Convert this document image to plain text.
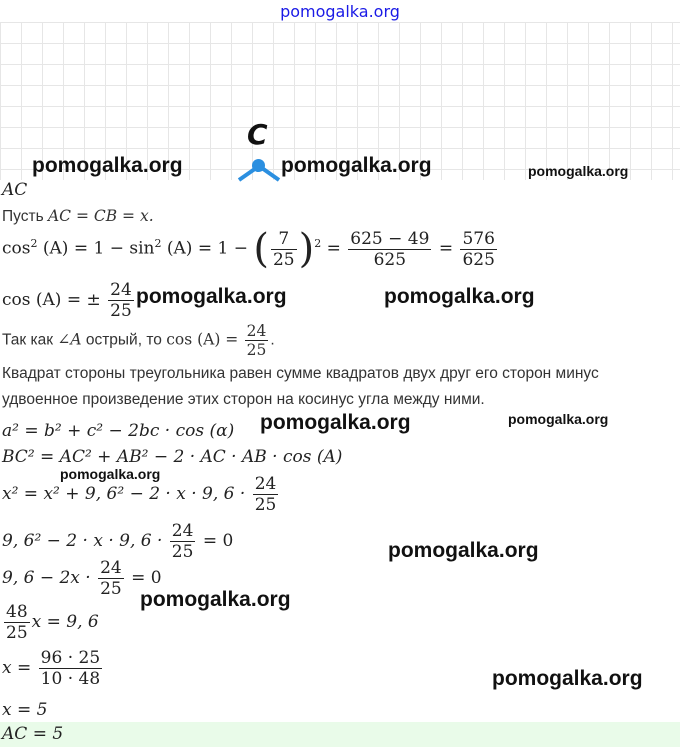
pomogalka.org
C
pomogalka.org	pomogalka.org	pomogalka.org
AC
Пусть AC = CB = x.
$\cos^2 (A) = 1 - \sin^2 (A) = 1$ − ( $\frac{7}{25} )^2 = \frac{625 - 49}{625} = \frac{576}{625}$
cos (A) = ± $\frac{24}{25}$ pomogalka.org	pomogalka.org
Так как ∠A острый, то $\cos (A) = \frac{24}{25}$ .
Квадрат стороны треугольника равен сумме квадратов двух друг его сторон минус
удвоенное произведение этих сторон на косинус угла между ними.
a² = b² + c² − 2bc · cos (α) pomogalka.org	pomogalka.org
BC² = AC² + AB² − 2 · AC · AB · cos (A)
pomogalka.org
x² = x² + 9, 6² − 2 · x · 9, $6 \cdot \frac{24}{25}$
9, 6² − 2 · x · 9, $6 \cdot \frac{24}{25} = 0$	pomogalka.org
9, $6 - 2x \cdot \frac{24}{25} = 0$
pomogalka.org
$\frac{48}{25}$ x = 9, 6
$x = \frac{96 \cdot 25}{10 \cdot 48}$	pomogalka.org
x = 5
AC = 5
